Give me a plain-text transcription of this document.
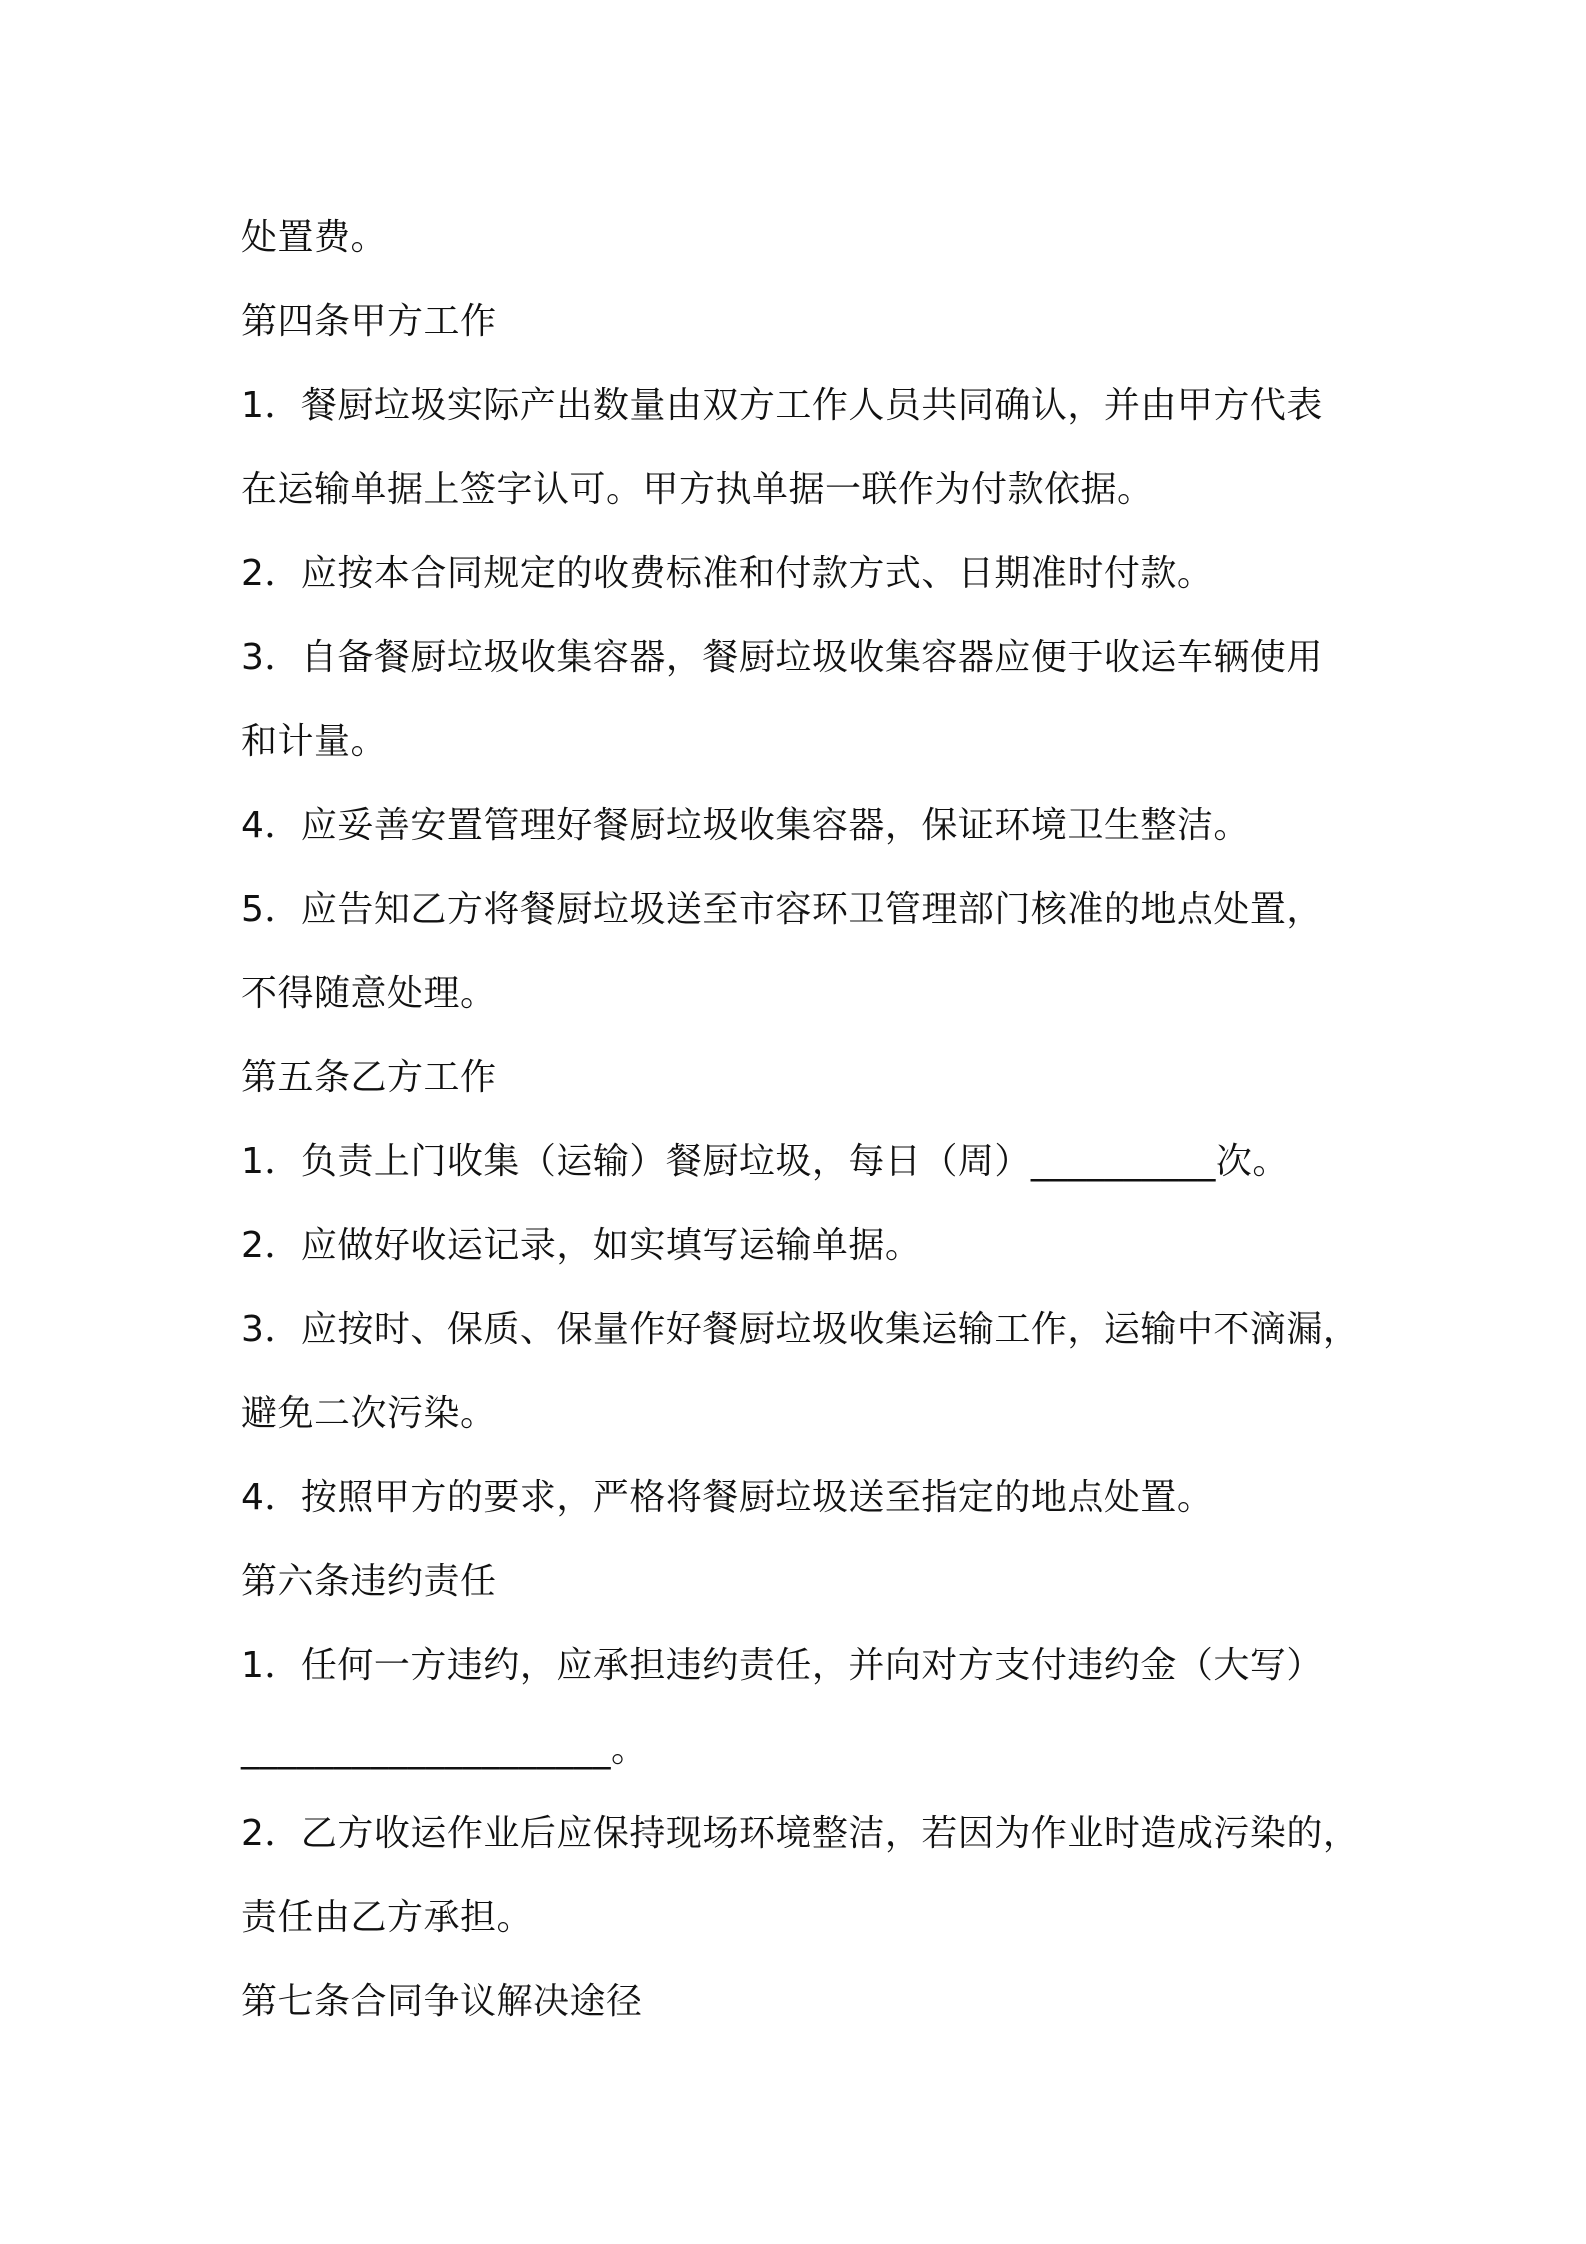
处置费。
第四条甲方工作
1．餐厨垃圾实际产出数量由双方工作人员共同确认，并由甲方代表
在运输单据上签字认可。甲方执单据一联作为付款依据。
2．应按本合同规定的收费标准和付款方式、日期准时付款。
3．自备餐厨垃圾收集容器，餐厨垃圾收集容器应便于收运车辆使用
和计量。
4．应妥善安置管理好餐厨垃圾收集容器，保证环境卫生整洁。
5．应告知乙方将餐厨垃圾送至市容环卫管理部门核准的地点处置，
不得随意处理。
第五条乙方工作
1．负责上门收集（运输）餐厨垃圾，每日（周）__________次。
2．应做好收运记录，如实填写运输单据。
3．应按时、保质、保量作好餐厨垃圾收集运输工作，运输中不滴漏，
避免二次污染。
4．按照甲方的要求，严格将餐厨垃圾送至指定的地点处置。
第六条违约责任
1．任何一方违约，应承担违约责任，并向对方支付违约金（大写）
____________________。
2．乙方收运作业后应保持现场环境整洁，若因为作业时造成污染的，
责任由乙方承担。
第七条合同争议解决途径
